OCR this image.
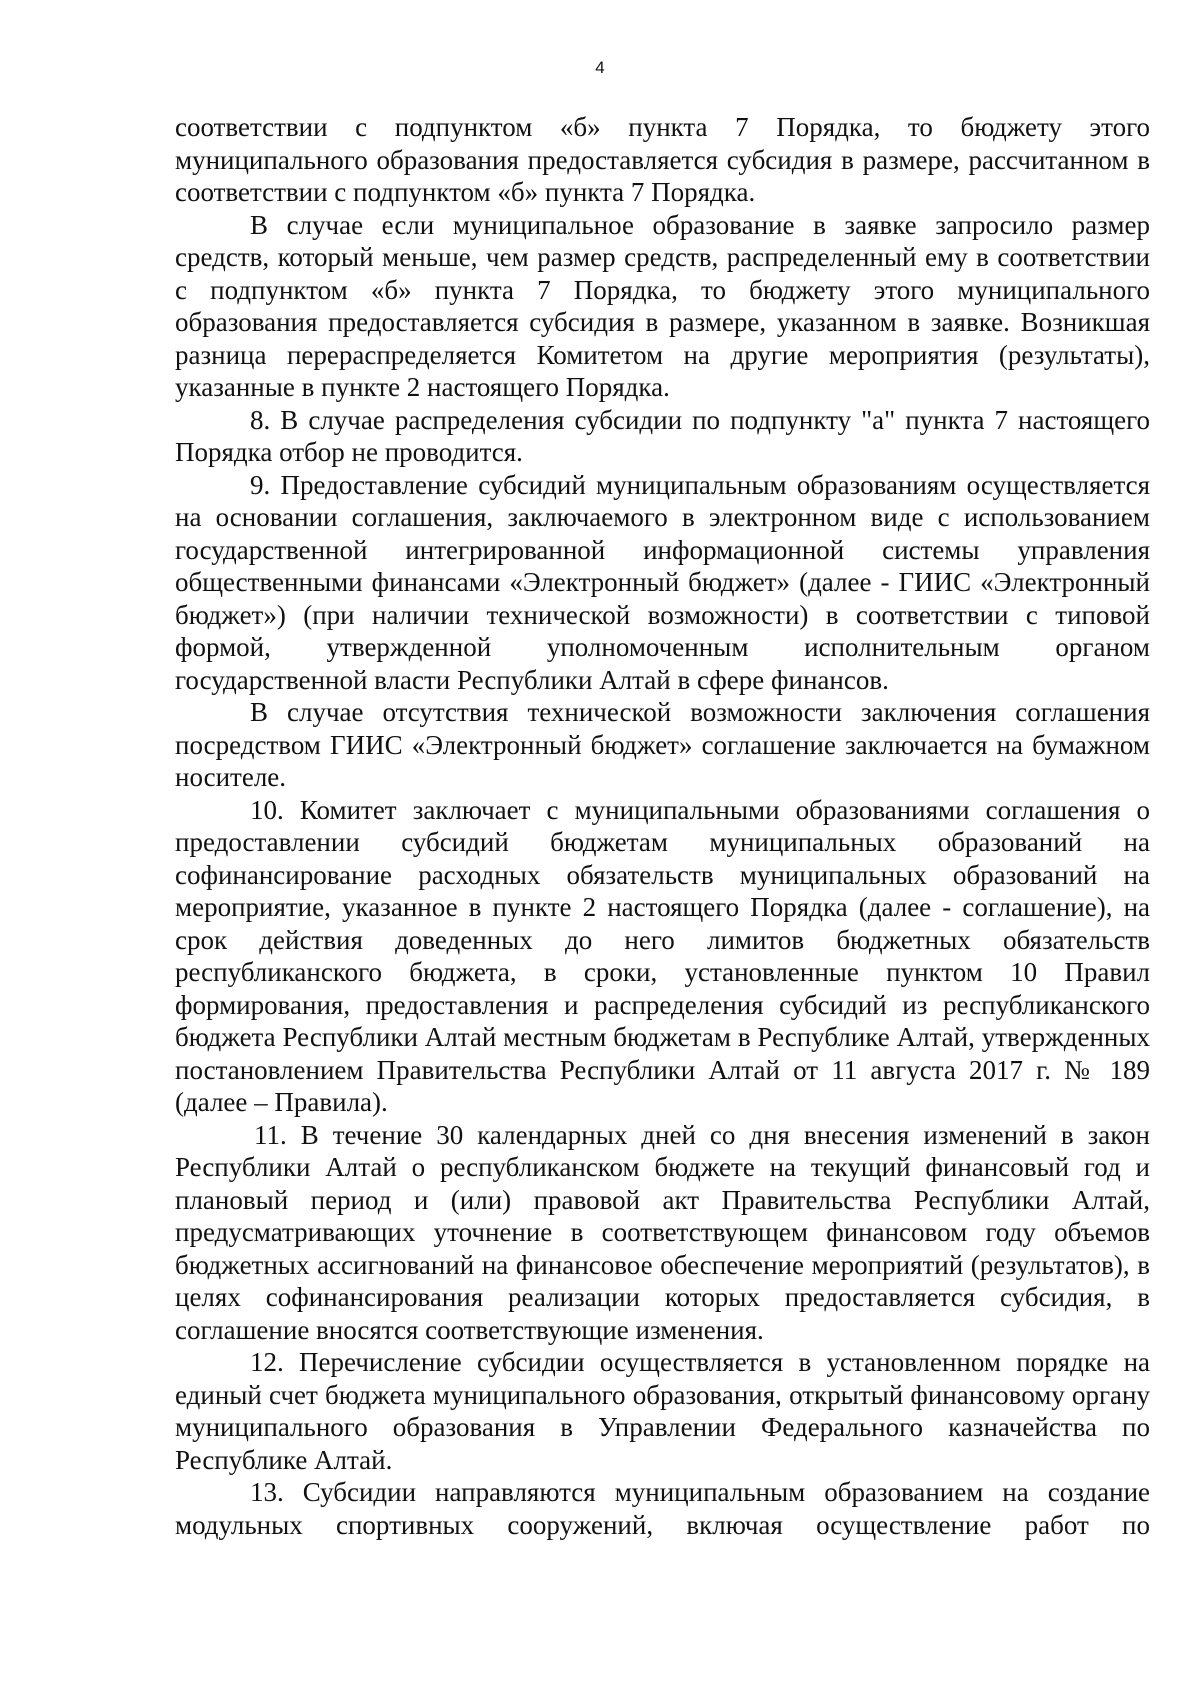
4

соответствии с подпунктом «б» пункта 7 Порядка, то бюджету этого муниципального образования предоставляется субсидия в размере, рассчитанном в соответствии с подпунктом «б» пункта 7 Порядка.

В случае если муниципальное образование в заявке запросило размер средств, который меньше, чем размер средств, распределенный ему в соответствии с подпунктом «б» пункта 7 Порядка, то бюджету этого муниципального образования предоставляется субсидия в размере, указанном в заявке. Возникшая разница перераспределяется Комитетом на другие мероприятия (результаты), указанные в пункте 2 настоящего Порядка.

8. В случае распределения субсидии по подпункту "а" пункта 7 настоящего Порядка отбор не проводится.

9. Предоставление субсидий муниципальным образованиям осуществляется на основании соглашения, заключаемого в электронном виде с использованием государственной интегрированной информационной системы управления общественными финансами «Электронный бюджет» (далее - ГИИС «Электронный бюджет») (при наличии технической возможности) в соответствии с типовой формой, утвержденной уполномоченным исполнительным органом государственной власти Республики Алтай в сфере финансов.

В случае отсутствия технической возможности заключения соглашения посредством ГИИС «Электронный бюджет» соглашение заключается на бумажном носителе.

10. Комитет заключает с муниципальными образованиями соглашения о предоставлении субсидий бюджетам муниципальных образований на софинансирование расходных обязательств муниципальных образований на мероприятие, указанное в пункте 2 настоящего Порядка (далее - соглашение), на срок действия доведенных до него лимитов бюджетных обязательств республиканского бюджета, в сроки, установленные пунктом 10 Правил формирования, предоставления и распределения субсидий из республиканского бюджета Республики Алтай местным бюджетам в Республике Алтай, утвержденных постановлением Правительства Республики Алтай от 11 августа 2017 г. № 189 (далее – Правила).

11. В течение 30 календарных дней со дня внесения изменений в закон Республики Алтай о республиканском бюджете на текущий финансовый год и плановый период и (или) правовой акт Правительства Республики Алтай, предусматривающих уточнение в соответствующем финансовом году объемов бюджетных ассигнований на финансовое обеспечение мероприятий (результатов), в целях софинансирования реализации которых предоставляется субсидия, в соглашение вносятся соответствующие изменения.

12. Перечисление субсидии осуществляется в установленном порядке на единый счет бюджета муниципального образования, открытый финансовому органу муниципального образования в Управлении Федерального казначейства по Республике Алтай.

13. Субсидии направляются муниципальным образованием на создание модульных спортивных сооружений, включая осуществление работ по
